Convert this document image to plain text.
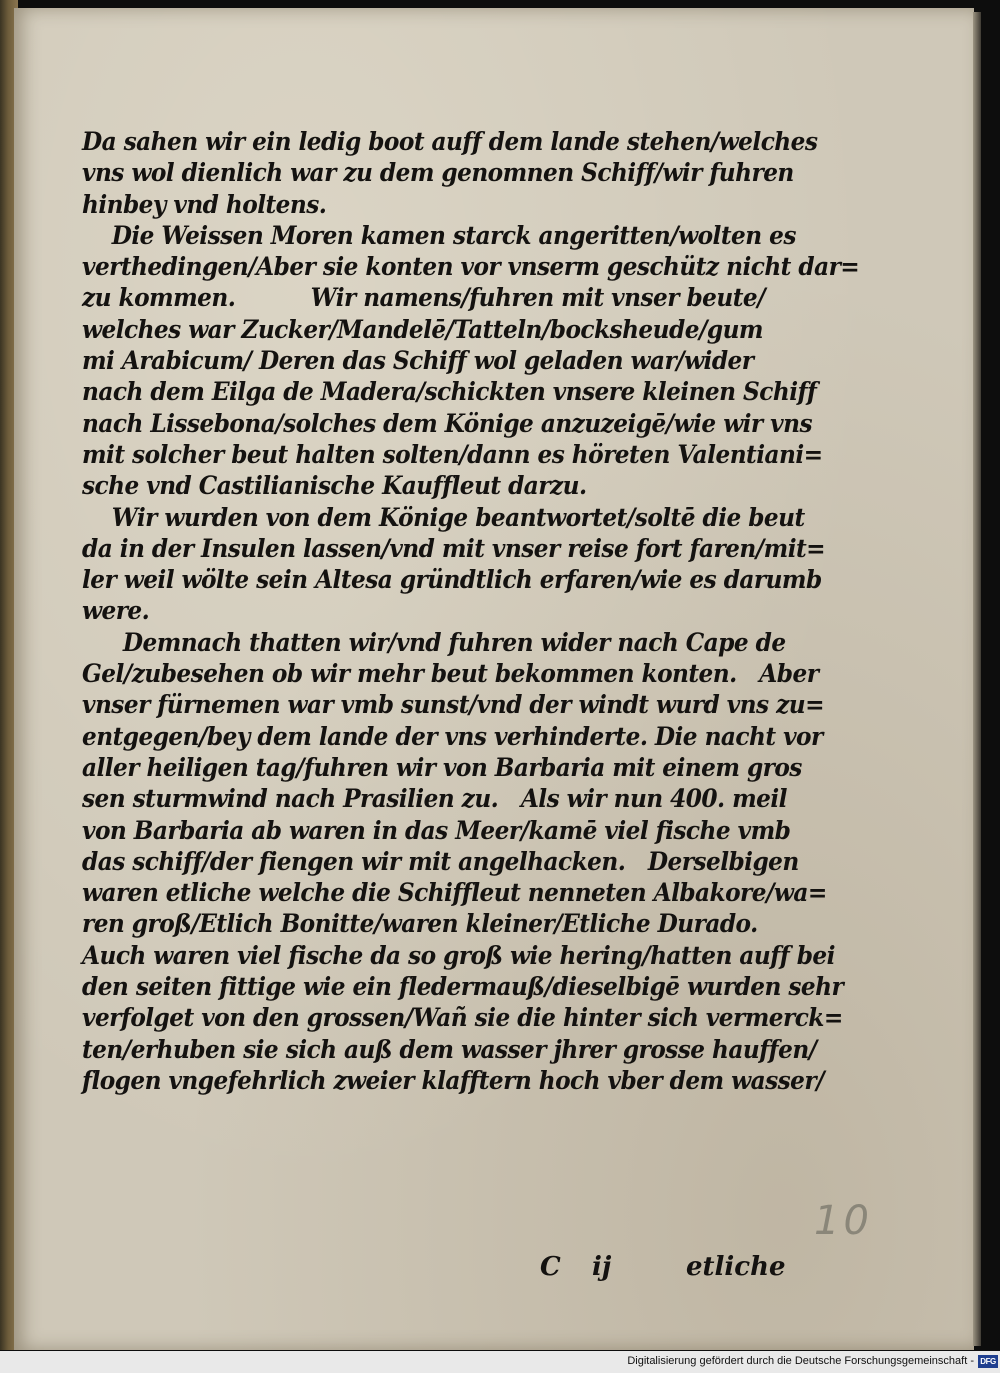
Da sahen wir ein ledig boot auff dem lande stehen/welches
vns wol dienlich war zu dem genomnen Schiff/wir fuhren
hinbey vnd holtens.
Die Weissen Moren kamen starck angeritten/wolten es
verthedingen/Aber sie konten vor vnserm geschütz nicht dar=
zu kommen.          Wir namens/fuhren mit vnser beute/
welches war Zucker/Mandelē/Tatteln/bocksheude/gum
mi Arabicum/ Deren das Schiff wol geladen war/wider
nach dem Eilga de Madera/schickten vnsere kleinen Schiff
nach Lissebona/solches dem Könige anzuzeigē/wie wir vns
mit solcher beut halten solten/dann es höreten Valentiani=
sche vnd Castilianische Kauffleut darzu.
Wir wurden von dem Könige beantwortet/soltē die beut
da in der Insulen lassen/vnd mit vnser reise fort faren/mit=
ler weil wölte sein Altesa gründtlich erfaren/wie es darumb
were.
Demnach thatten wir/vnd fuhren wider nach Cape de
Gel/zubesehen ob wir mehr beut bekommen konten.   Aber
vnser fürnemen war vmb sunst/vnd der windt wurd vns zu=
entgegen/bey dem lande der vns verhinderte. Die nacht vor
aller heiligen tag/fuhren wir von Barbaria mit einem gros
sen sturmwind nach Prasilien zu.   Als wir nun 400. meil
von Barbaria ab waren in das Meer/kamē viel fische vmb
das schiff/der fiengen wir mit angelhacken.   Derselbigen
waren etliche welche die Schiffleut nenneten Albakore/wa=
ren groß/Etlich Bonitte/waren kleiner/Etliche Durado.
Auch waren viel fische da so groß wie hering/hatten auff bei
den seiten fittige wie ein fledermauß/dieselbigē wurden sehr
verfolget von den grossen/Wañ sie die hinter sich vermerck=
ten/erhuben sie sich auß dem wasser jhrer grosse hauffen/
flogen vngefehrlich zweier klafftern hoch vber dem wasser/
C ij	etliche
10
Digitalisierung gefördert durch die Deutsche Forschungsgemeinschaft - DFG
